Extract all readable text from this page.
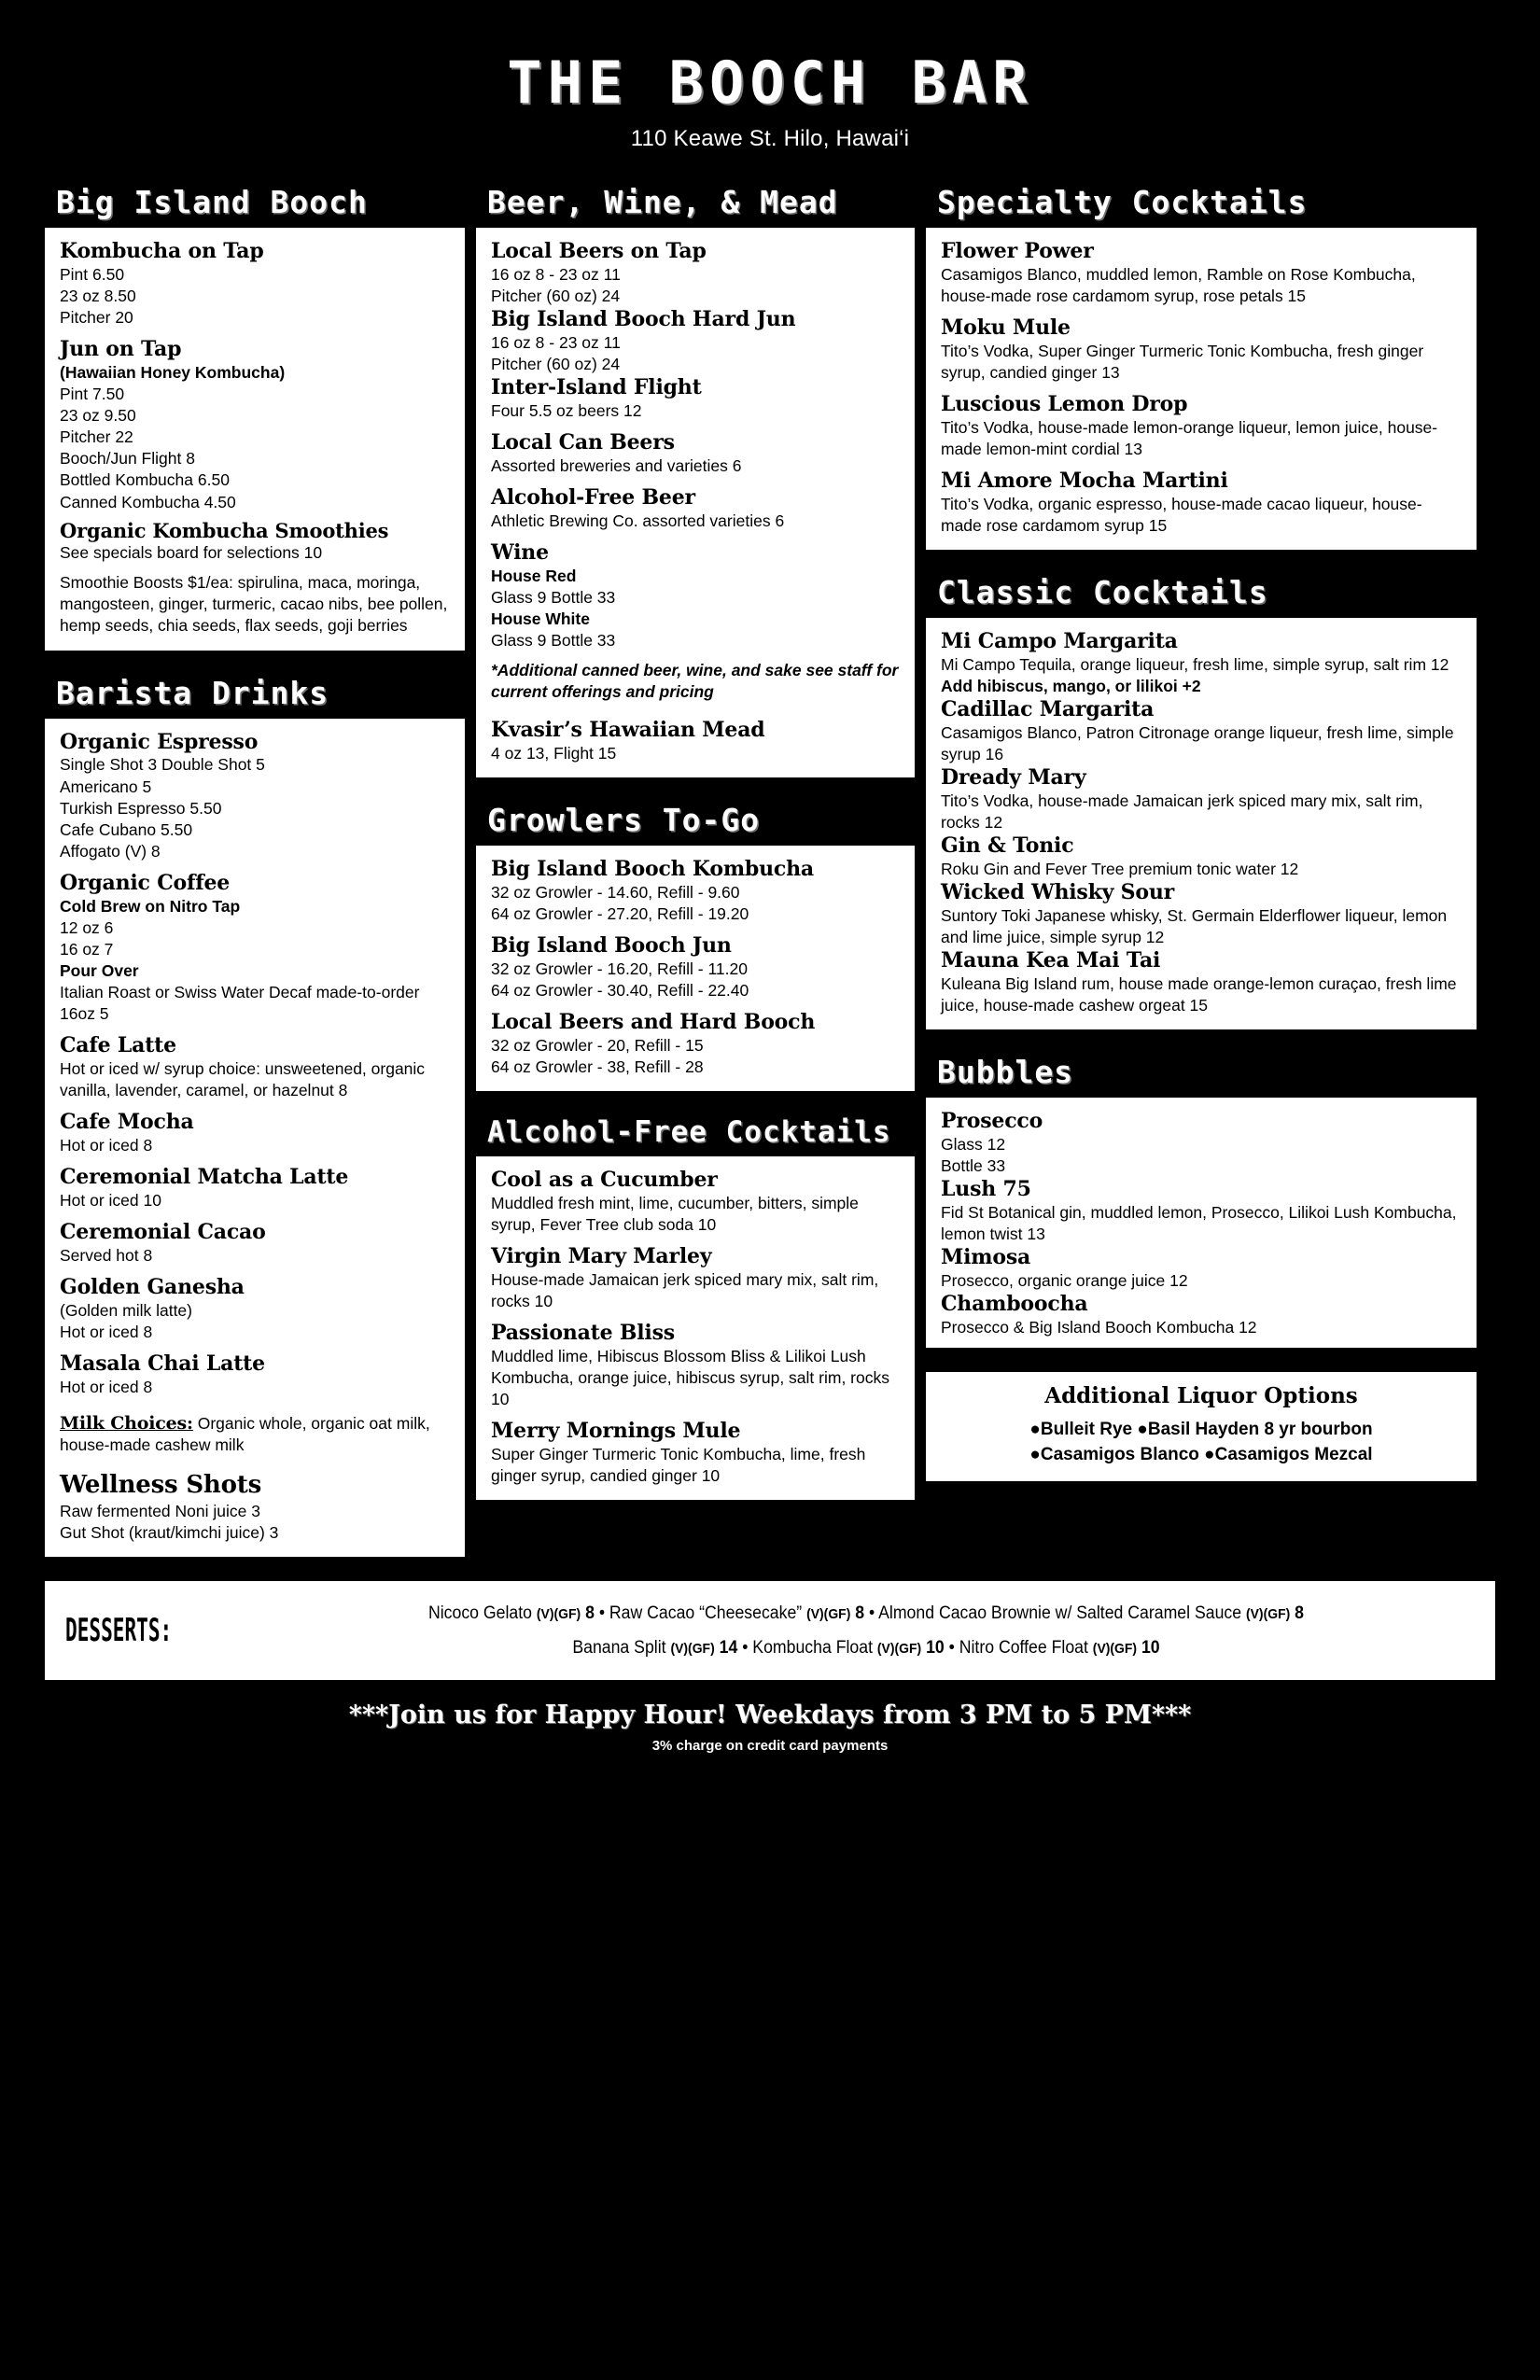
THE BOOCH BAR
110 Keawe St. Hilo, Hawai‘i
Big Island Booch
Kombucha on Tap
Pint 6.50
23 oz 8.50
Pitcher 20
Jun on Tap
(Hawaiian Honey Kombucha)
Pint 7.50
23 oz 9.50
Pitcher 22
Booch/Jun Flight 8
Bottled Kombucha 6.50
Canned Kombucha 4.50
Organic Kombucha Smoothies
See specials board for selections 10
Smoothie Boosts $1/ea: spirulina, maca, moringa, mangosteen, ginger, turmeric, cacao nibs, bee pollen, hemp seeds, chia seeds, flax seeds, goji berries
Barista Drinks
Organic Espresso
Single Shot 3 Double Shot 5
Americano 5
Turkish Espresso 5.50
Cafe Cubano 5.50
Affogato (V) 8
Organic Coffee
Cold Brew on Nitro Tap
12 oz 6
16 oz 7
Pour Over
Italian Roast or Swiss Water Decaf made-to-order 16oz 5
Cafe Latte
Hot or iced w/ syrup choice: unsweetened, organic vanilla, lavender, caramel, or hazelnut 8
Cafe Mocha
Hot or iced 8
Ceremonial Matcha Latte
Hot or iced 10
Ceremonial Cacao
Served hot 8
Golden Ganesha
(Golden milk latte)
Hot or iced 8
Masala Chai Latte
Hot or iced 8
Milk Choices: Organic whole, organic oat milk, house-made cashew milk
Wellness Shots
Raw fermented Noni juice 3
Gut Shot (kraut/kimchi juice) 3
Beer, Wine, & Mead
Local Beers on Tap
16 oz 8 - 23 oz 11
Pitcher (60 oz) 24
Big Island Booch Hard Jun
16 oz 8 - 23 oz 11
Pitcher (60 oz) 24
Inter-Island Flight
Four 5.5 oz beers 12
Local Can Beers
Assorted breweries and varieties 6
Alcohol-Free Beer
Athletic Brewing Co. assorted varieties 6
Wine
House Red
Glass 9 Bottle 33
House White
Glass 9 Bottle 33
*Additional canned beer, wine, and sake see staff for current offerings and pricing
Kvasir’s Hawaiian Mead
4 oz 13, Flight 15
Growlers To-Go
Big Island Booch Kombucha
32 oz Growler - 14.60, Refill - 9.60
64 oz Growler - 27.20, Refill - 19.20
Big Island Booch Jun
32 oz Growler - 16.20, Refill - 11.20
64 oz Growler - 30.40, Refill - 22.40
Local Beers and Hard Booch
32 oz Growler - 20, Refill - 15
64 oz Growler - 38, Refill - 28
Alcohol-Free Cocktails
Cool as a Cucumber
Muddled fresh mint, lime, cucumber, bitters, simple syrup, Fever Tree club soda 10
Virgin Mary Marley
House-made Jamaican jerk spiced mary mix, salt rim, rocks 10
Passionate Bliss
Muddled lime, Hibiscus Blossom Bliss & Lilikoi Lush Kombucha, orange juice, hibiscus syrup, salt rim, rocks 10
Merry Mornings Mule
Super Ginger Turmeric Tonic Kombucha, lime, fresh ginger syrup, candied ginger 10
Specialty Cocktails
Flower Power
Casamigos Blanco, muddled lemon, Ramble on Rose Kombucha, house-made rose cardamom syrup, rose petals 15
Moku Mule
Tito’s Vodka, Super Ginger Turmeric Tonic Kombucha, fresh ginger syrup, candied ginger 13
Luscious Lemon Drop
Tito’s Vodka, house-made lemon-orange liqueur, lemon juice, house-made lemon-mint cordial 13
Mi Amore Mocha Martini
Tito’s Vodka, organic espresso, house-made cacao liqueur, house-made rose cardamom syrup 15
Classic Cocktails
Mi Campo Margarita
Mi Campo Tequila, orange liqueur, fresh lime, simple syrup, salt rim 12
Add hibiscus, mango, or lilikoi +2
Cadillac Margarita
Casamigos Blanco, Patron Citronage orange liqueur, fresh lime, simple syrup 16
Dready Mary
Tito’s Vodka, house-made Jamaican jerk spiced mary mix, salt rim, rocks 12
Gin & Tonic
Roku Gin and Fever Tree premium tonic water 12
Wicked Whisky Sour
Suntory Toki Japanese whisky, St. Germain Elderflower liqueur, lemon and lime juice, simple syrup 12
Mauna Kea Mai Tai
Kuleana Big Island rum, house made orange-lemon curaçao, fresh lime juice, house-made cashew orgeat 15
Bubbles
Prosecco
Glass 12
Bottle 33
Lush 75
Fid St Botanical gin, muddled lemon, Prosecco, Lilikoi Lush Kombucha, lemon twist 13
Mimosa
Prosecco, organic orange juice 12
Chamboocha
Prosecco & Big Island Booch Kombucha 12
Additional Liquor Options
●Bulleit Rye ●Basil Hayden 8 yr bourbon
●Casamigos Blanco ●Casamigos Mezcal
DESSERTS:	Nicoco Gelato (V)(GF) 8 • Raw Cacao “Cheesecake” (V)(GF) 8 • Almond Cacao Brownie w/ Salted Caramel Sauce (V)(GF) 8
Banana Split (V)(GF) 14 • Kombucha Float (V)(GF) 10 • Nitro Coffee Float (V)(GF) 10
***Join us for Happy Hour! Weekdays from 3 PM to 5 PM***
3% charge on credit card payments
